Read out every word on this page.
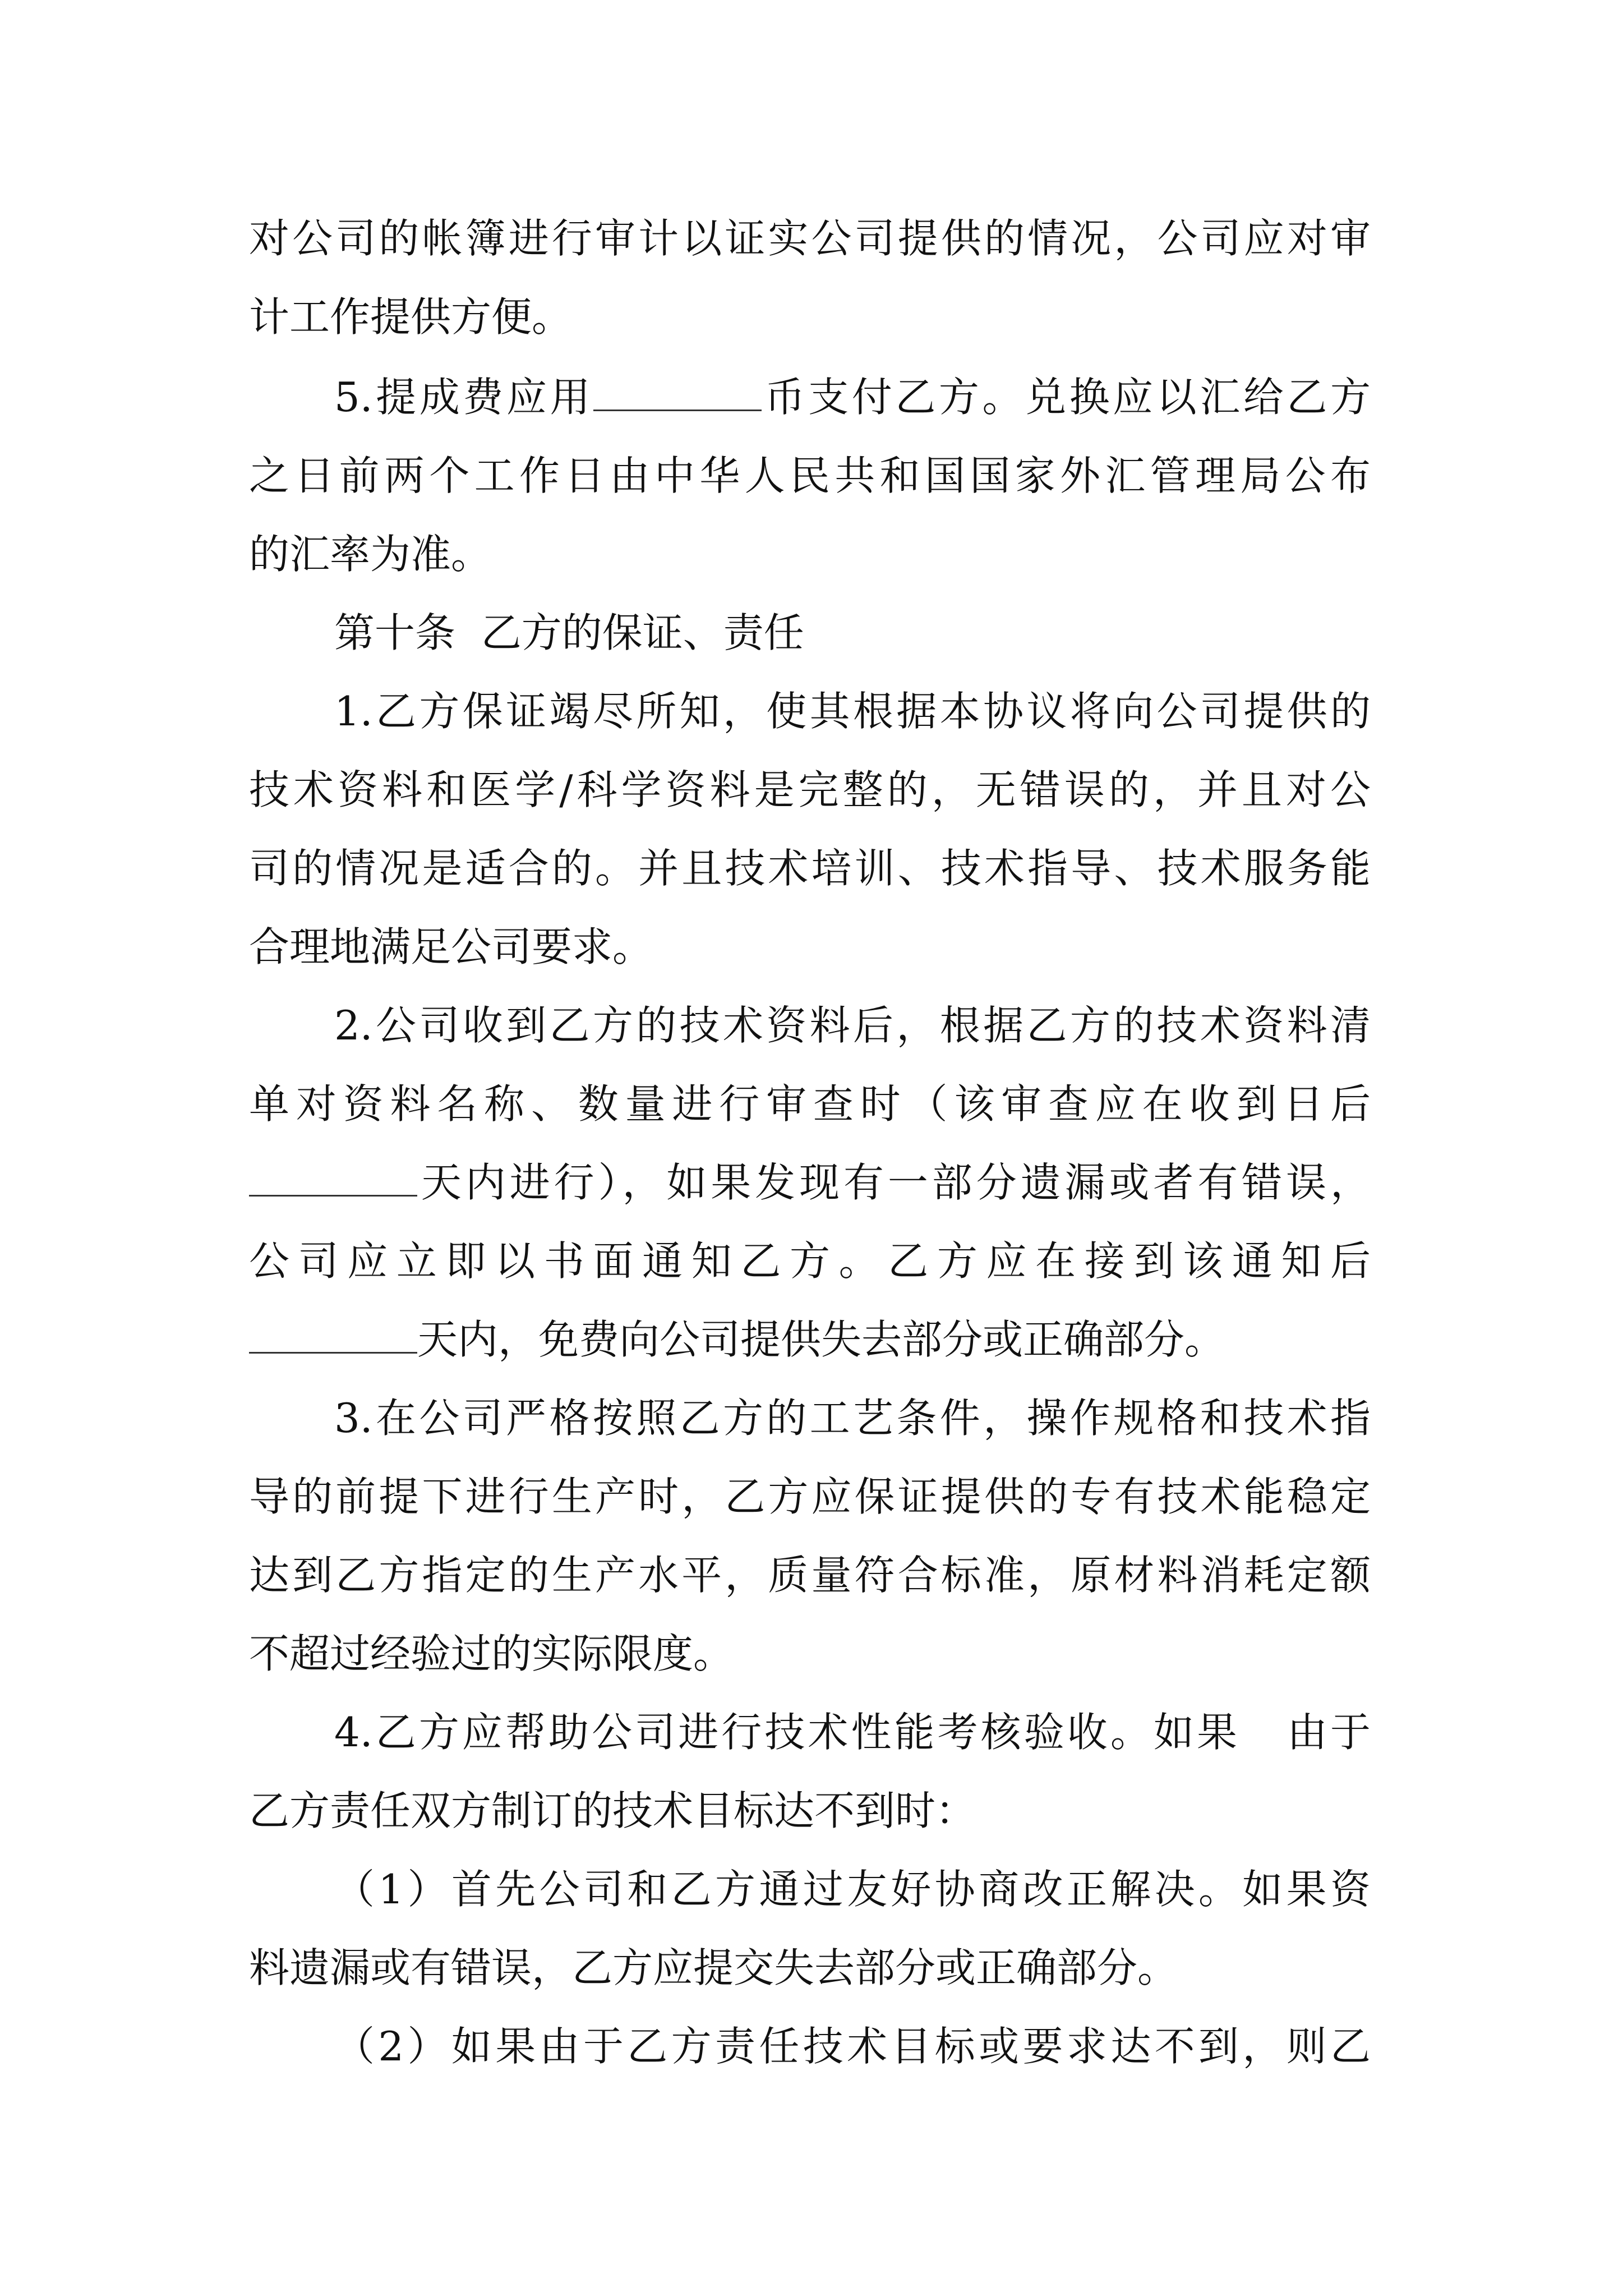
对公司的帐簿进行审计以证实公司提供的情况，公司应对审
计工作提供方便。
5.提成费应用	币支付乙方。兑换应以汇给乙方
之日前两个工作日由中华人民共和国国家外汇管理局公布
的汇率为准。
第十条  乙方的保证、责任
1.乙方保证竭尽所知，使其根据本协议将向公司提供的
技术资料和医学/科学资料是完整的，无错误的，并且对公
司的情况是适合的。并且技术培训、技术指导、技术服务能
合理地满足公司要求。
2.公司收到乙方的技术资料后，根据乙方的技术资料清
单对资料名称、数量进行审查时（该审查应在收到日后
天内进行），如果发现有一部分遗漏或者有错误，
公司应立即以书面通知乙方。乙方应在接到该通知后
天内，免费向公司提供失去部分或正确部分。
3.在公司严格按照乙方的工艺条件，操作规格和技术指
导的前提下进行生产时，乙方应保证提供的专有技术能稳定
达到乙方指定的生产水平，质量符合标准，原材料消耗定额
不超过经验过的实际限度。
4.乙方应帮助公司进行技术性能考核验收。如果   由于
乙方责任双方制订的技术目标达不到时：
（1）首先公司和乙方通过友好协商改正解决。如果资
料遗漏或有错误，乙方应提交失去部分或正确部分。
（2）如果由于乙方责任技术目标或要求达不到，则乙
